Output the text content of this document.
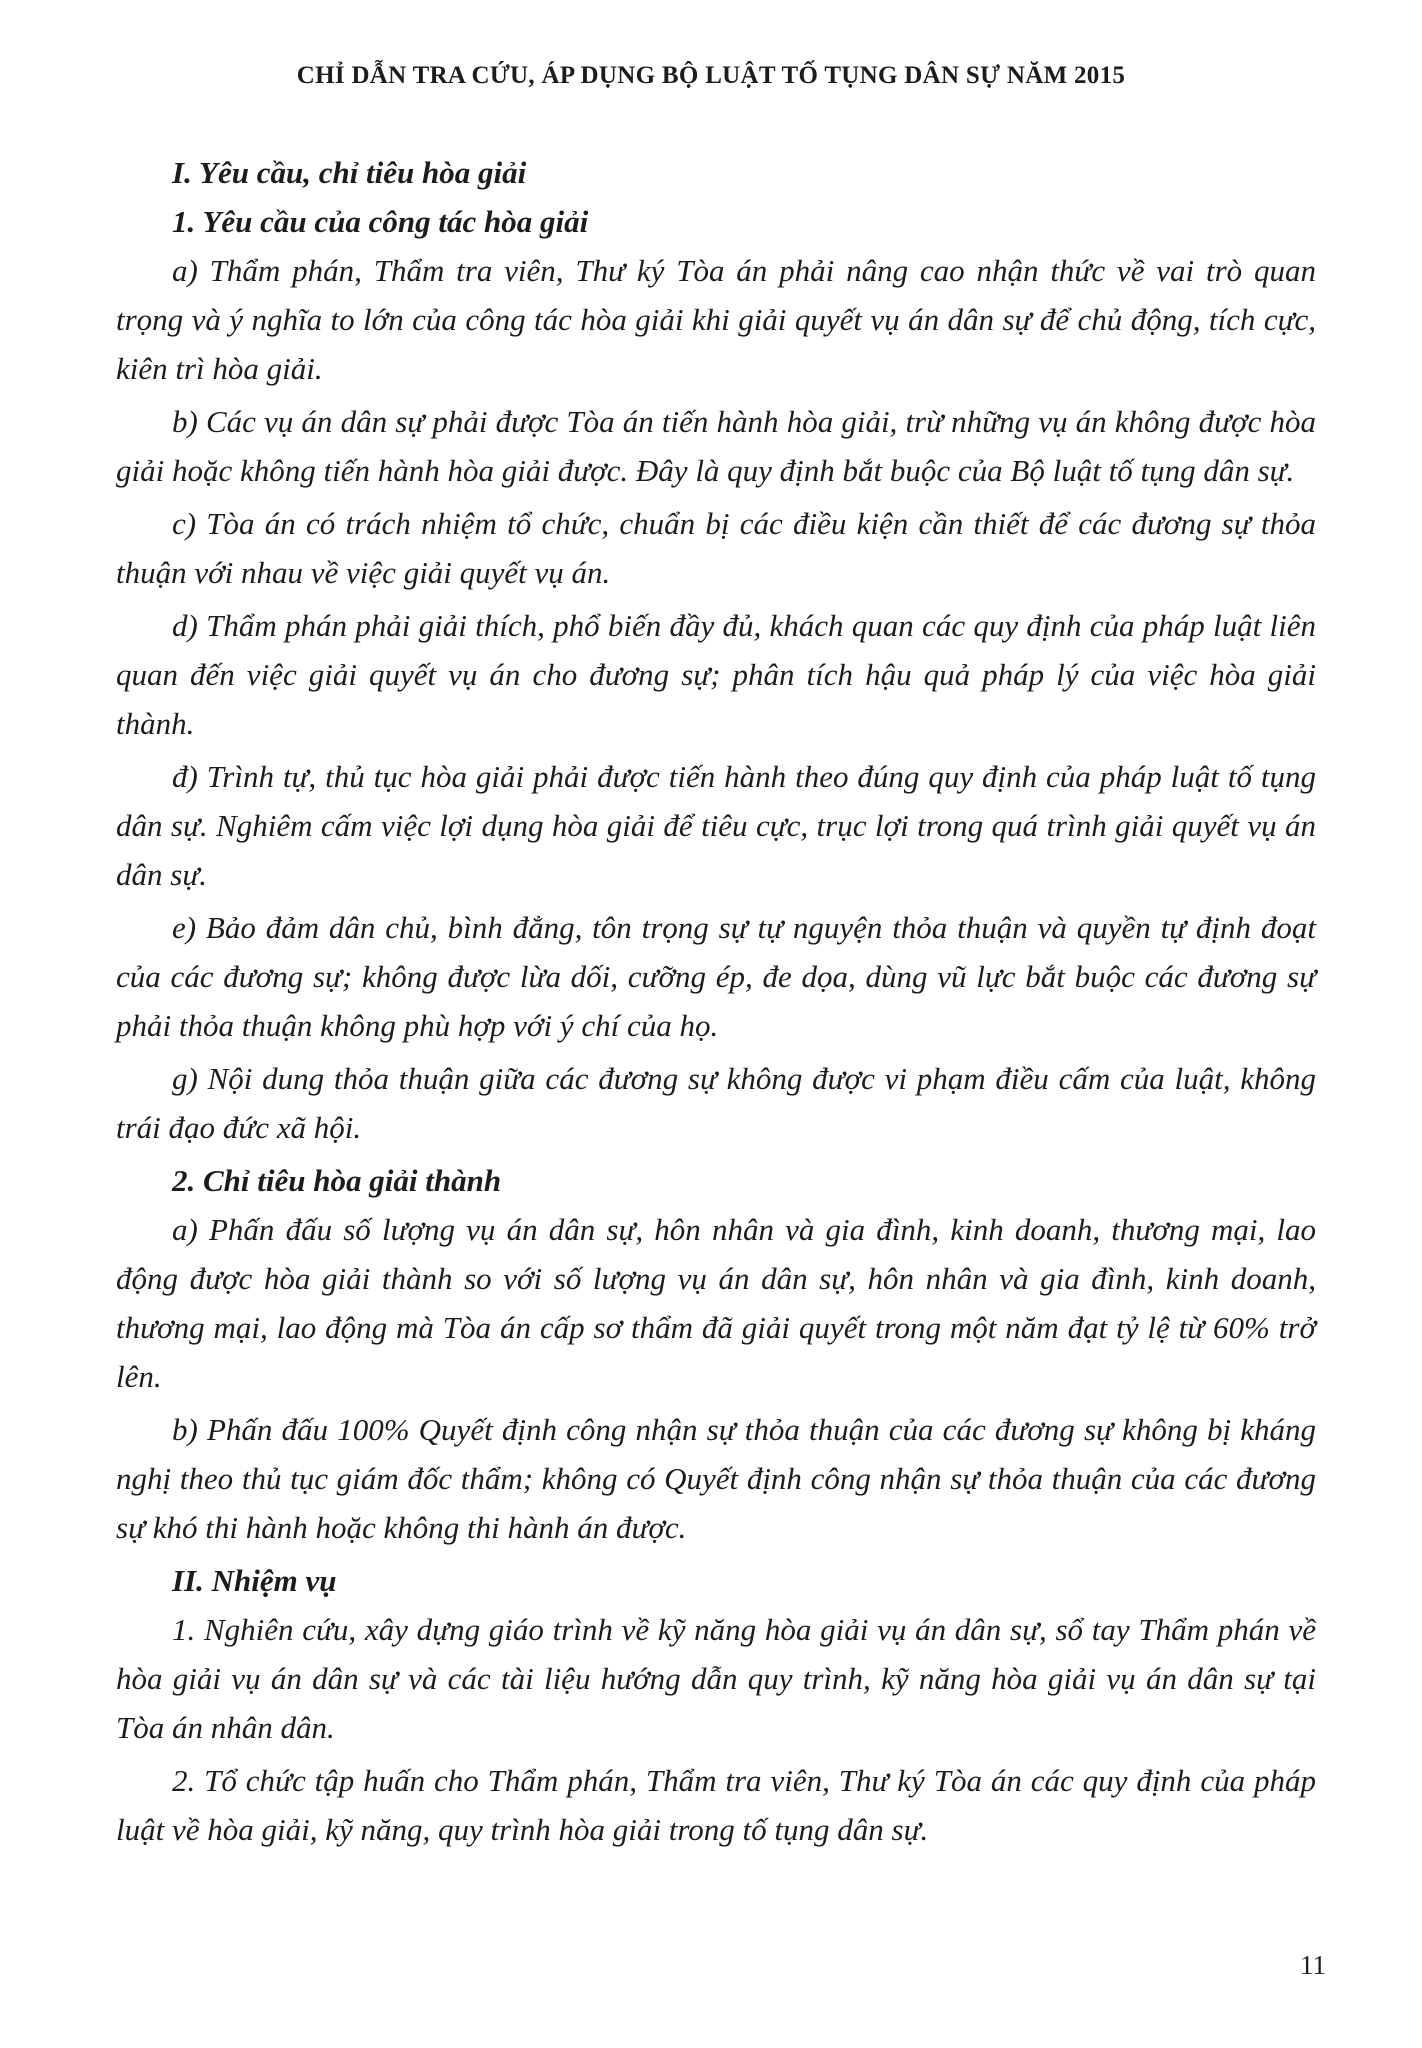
CHỈ DẪN TRA CỨU, ÁP DỤNG BỘ LUẬT TỐ TỤNG DÂN SỰ NĂM 2015

I. Yêu cầu, chỉ tiêu hòa giải

1. Yêu cầu của công tác hòa giải

a) Thẩm phán, Thẩm tra viên, Thư ký Tòa án phải nâng cao nhận thức về vai trò quan trọng và ý nghĩa to lớn của công tác hòa giải khi giải quyết vụ án dân sự để chủ động, tích cực, kiên trì hòa giải.

b) Các vụ án dân sự phải được Tòa án tiến hành hòa giải, trừ những vụ án không được hòa giải hoặc không tiến hành hòa giải được. Đây là quy định bắt buộc của Bộ luật tố tụng dân sự.

c) Tòa án có trách nhiệm tổ chức, chuẩn bị các điều kiện cần thiết để các đương sự thỏa thuận với nhau về việc giải quyết vụ án.

d) Thẩm phán phải giải thích, phổ biến đầy đủ, khách quan các quy định của pháp luật liên quan đến việc giải quyết vụ án cho đương sự; phân tích hậu quả pháp lý của việc hòa giải thành.

đ) Trình tự, thủ tục hòa giải phải được tiến hành theo đúng quy định của pháp luật tố tụng dân sự. Nghiêm cấm việc lợi dụng hòa giải để tiêu cực, trục lợi trong quá trình giải quyết vụ án dân sự.

e) Bảo đảm dân chủ, bình đẳng, tôn trọng sự tự nguyện thỏa thuận và quyền tự định đoạt của các đương sự; không được lừa dối, cưỡng ép, đe dọa, dùng vũ lực bắt buộc các đương sự phải thỏa thuận không phù hợp với ý chí của họ.

g) Nội dung thỏa thuận giữa các đương sự không được vi phạm điều cấm của luật, không trái đạo đức xã hội.

2. Chỉ tiêu hòa giải thành

a) Phấn đấu số lượng vụ án dân sự, hôn nhân và gia đình, kinh doanh, thương mại, lao động được hòa giải thành so với số lượng vụ án dân sự, hôn nhân và gia đình, kinh doanh, thương mại, lao động mà Tòa án cấp sơ thẩm đã giải quyết trong một năm đạt tỷ lệ từ 60% trở lên.

b) Phấn đấu 100% Quyết định công nhận sự thỏa thuận của các đương sự không bị kháng nghị theo thủ tục giám đốc thẩm; không có Quyết định công nhận sự thỏa thuận của các đương sự khó thi hành hoặc không thi hành án được.

II. Nhiệm vụ

1. Nghiên cứu, xây dựng giáo trình về kỹ năng hòa giải vụ án dân sự, sổ tay Thẩm phán về hòa giải vụ án dân sự và các tài liệu hướng dẫn quy trình, kỹ năng hòa giải vụ án dân sự tại Tòa án nhân dân.

2. Tổ chức tập huấn cho Thẩm phán, Thẩm tra viên, Thư ký Tòa án các quy định của pháp luật về hòa giải, kỹ năng, quy trình hòa giải trong tố tụng dân sự.

11
